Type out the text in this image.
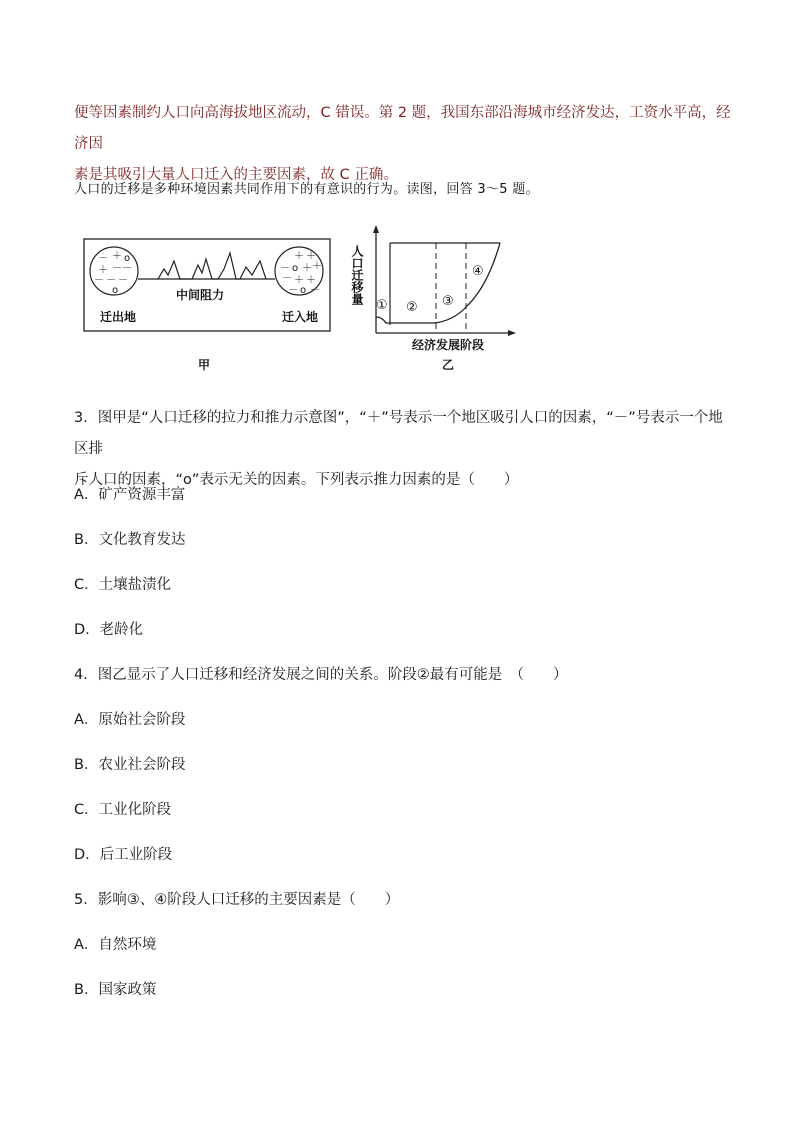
便等因素制约人口向高海拔地区流动，C 错误。第 2 题，我国东部沿海城市经济发达，工资水平高，经济因
素是其吸引大量人口迁入的主要因素，故 C 正确。
人口的迁移是多种环境因素共同作用下的有意识的行为。读图，回答 3～5 题。
－ ＋
＋ － －
ο
－ － －
ο
＋ ＋
－ ο ＋ ＋
－ ＋ ＋
－ ο －
中间阻力
迁出地	迁入地
甲
① ② ③
④
人口迁移量
经济发展阶段
乙
3．图甲是“人口迁移的拉力和推力示意图”，“＋”号表示一个地区吸引人口的因素，“－”号表示一个地区排
斥人口的因素，“ο”表示无关的因素。下列表示推力因素的是（　　）
A．矿产资源丰富
B．文化教育发达
C．土壤盐渍化
D．老龄化
4．图乙显示了人口迁移和经济发展之间的关系。阶段②最有可能是　（　　）
A．原始社会阶段
B．农业社会阶段
C．工业化阶段
D．后工业阶段
5．影响③、④阶段人口迁移的主要因素是（　　）
A．自然环境
B．国家政策
